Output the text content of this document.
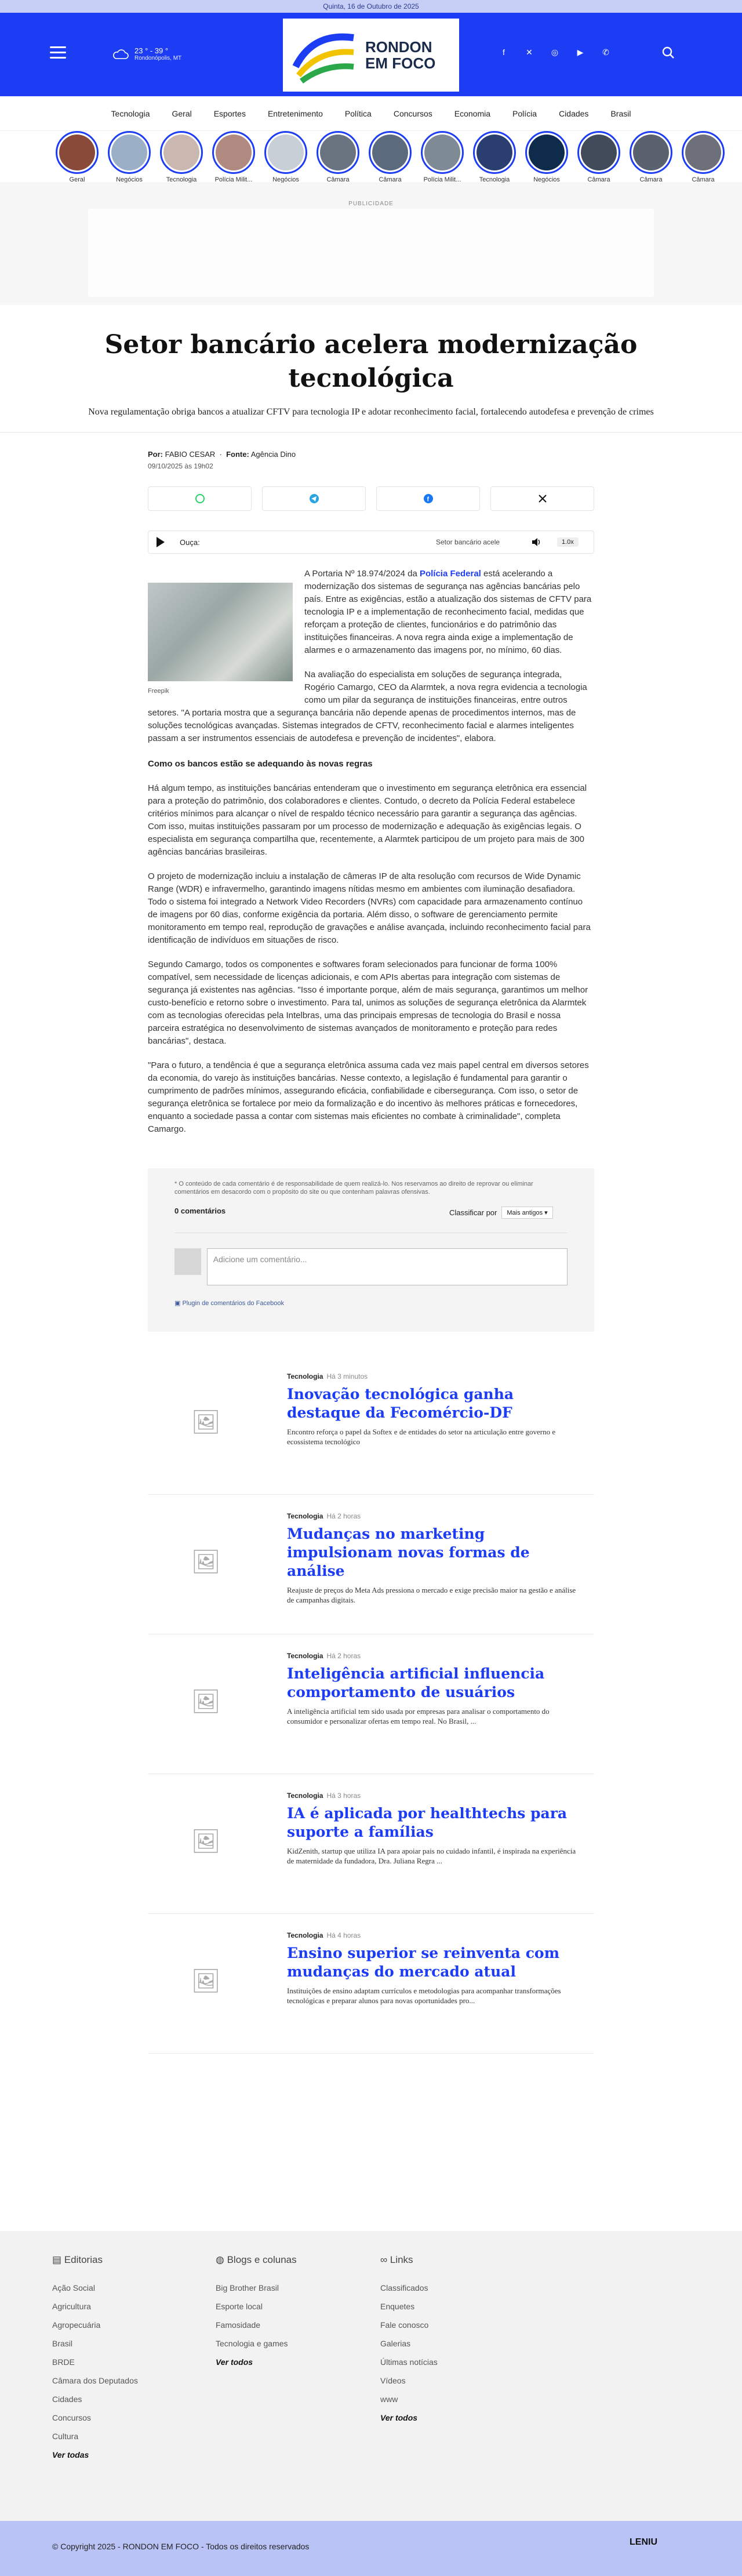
Quinta, 16 de Outubro de 2025
23 ° - 39 °
Rondonópolis, MT
RONDON
EM FOCO
f	✕	◎	▶	✆
Tecnologia	Geral	Esportes	Entretenimento	Política	Concursos	Economia	Polícia	Cidades	Brasil
Geral	Negócios	Tecnologia	Polícia Milit...	Negócios	Câmara	Câmara	Polícia Milit...	Tecnologia	Negócios	Câmara	Câmara	Câmara
PUBLICIDADE
Setor bancário acelera modernização tecnológica

Nova regulamentação obriga bancos a atualizar CFTV para tecnologia IP e adotar reconhecimento facial, fortalecendo autodefesa e prevenção de crimes

Por: FABIO CESAR  ·  Fonte: Agência Dino
09/10/2025 às 19h02
f
Ouça:	Setor bancário acele	1.0x
Freepik

A Portaria Nº 18.974/2024 da Polícia Federal está acelerando a modernização dos sistemas de segurança nas agências bancárias pelo país. Entre as exigências, estão a atualização dos sistemas de CFTV para tecnologia IP e a implementação de reconhecimento facial, medidas que reforçam a proteção de clientes, funcionários e do patrimônio das instituições financeiras. A nova regra ainda exige a implementação de alarmes e o armazenamento das imagens por, no mínimo, 60 dias.

Na avaliação do especialista em soluções de segurança integrada, Rogério Camargo, CEO da Alarmtek, a nova regra evidencia a tecnologia como um pilar da segurança de instituições financeiras, entre outros setores. "A portaria mostra que a segurança bancária não depende apenas de procedimentos internos, mas de soluções tecnológicas avançadas. Sistemas integrados de CFTV, reconhecimento facial e alarmes inteligentes passam a ser instrumentos essenciais de autodefesa e prevenção de incidentes", elabora.

Como os bancos estão se adequando às novas regras

Há algum tempo, as instituições bancárias entenderam que o investimento em segurança eletrônica era essencial para a proteção do patrimônio, dos colaboradores e clientes. Contudo, o decreto da Polícia Federal estabelece critérios mínimos para alcançar o nível de respaldo técnico necessário para garantir a segurança das agências. Com isso, muitas instituições passaram por um processo de modernização e adequação às exigências legais. O especialista em segurança compartilha que, recentemente, a Alarmtek participou de um projeto para mais de 300 agências bancárias brasileiras.

O projeto de modernização incluiu a instalação de câmeras IP de alta resolução com recursos de Wide Dynamic Range (WDR) e infravermelho, garantindo imagens nítidas mesmo em ambientes com iluminação desafiadora. Todo o sistema foi integrado a Network Video Recorders (NVRs) com capacidade para armazenamento contínuo de imagens por 60 dias, conforme exigência da portaria. Além disso, o software de gerenciamento permite monitoramento em tempo real, reprodução de gravações e análise avançada, incluindo reconhecimento facial para identificação de indivíduos em situações de risco.

Segundo Camargo, todos os componentes e softwares foram selecionados para funcionar de forma 100% compatível, sem necessidade de licenças adicionais, e com APIs abertas para integração com sistemas de segurança já existentes nas agências. "Isso é importante porque, além de mais segurança, garantimos um melhor custo-benefício e retorno sobre o investimento. Para tal, unimos as soluções de segurança eletrônica da Alarmtek com as tecnologias oferecidas pela Intelbras, uma das principais empresas de tecnologia do Brasil e nossa parceira estratégica no desenvolvimento de sistemas avançados de monitoramento e proteção para redes bancárias", destaca.

"Para o futuro, a tendência é que a segurança eletrônica assuma cada vez mais papel central em diversos setores da economia, do varejo às instituições bancárias. Nesse contexto, a legislação é fundamental para garantir o cumprimento de padrões mínimos, assegurando eficácia, confiabilidade e cibersegurança. Com isso, o setor de segurança eletrônica se fortalece por meio da formalização e do incentivo às melhores práticas e fornecedores, enquanto a sociedade passa a contar com sistemas mais eficientes no combate à criminalidade", completa Camargo.

* O conteúdo de cada comentário é de responsabilidade de quem realizá-lo. Nos reservamos ao direito de reprovar ou eliminar comentários em desacordo com o propósito do site ou que contenham palavras ofensivas.
0 comentários	Classificar por	Mais antigos ▾
Adicione um comentário...
▣ Plugin de comentários do Facebook
🖼
Tecnologia Há 3 minutos
Inovação tecnológica ganha destaque da Fecomércio-DF

Encontro reforça o papel da Softex e de entidades do setor na articulação entre governo e ecossistema tecnológico

🖼
Tecnologia Há 2 horas
Mudanças no marketing impulsionam novas formas de análise

Reajuste de preços do Meta Ads pressiona o mercado e exige precisão maior na gestão e análise de campanhas digitais.

🖼
Tecnologia Há 2 horas
Inteligência artificial influencia comportamento de usuários

A inteligência artificial tem sido usada por empresas para analisar o comportamento do consumidor e personalizar ofertas em tempo real. No Brasil, ...

🖼
Tecnologia Há 3 horas
IA é aplicada por healthtechs para suporte a famílias

KidZenith, startup que utiliza IA para apoiar pais no cuidado infantil, é inspirada na experiência de maternidade da fundadora, Dra. Juliana Regra ...

🖼
Tecnologia Há 4 horas
Ensino superior se reinventa com mudanças do mercado atual

Instituições de ensino adaptam currículos e metodologias para acompanhar transformações tecnológicas e preparar alunos para novas oportunidades pro...

▤ Editorias
Ação Social
Agricultura
Agropecuária
Brasil
BRDE
Câmara dos Deputados
Cidades
Concursos
Cultura
Ver todas
◍ Blogs e colunas
Big Brother Brasil
Esporte local
Famosidade
Tecnologia e games
Ver todos
∞ Links
Classificados
Enquetes
Fale conosco
Galerias
Últimas notícias
Vídeos
www
Ver todos
© Copyright 2025 - RONDON EM FOCO - Todos os direitos reservados	LENIU
